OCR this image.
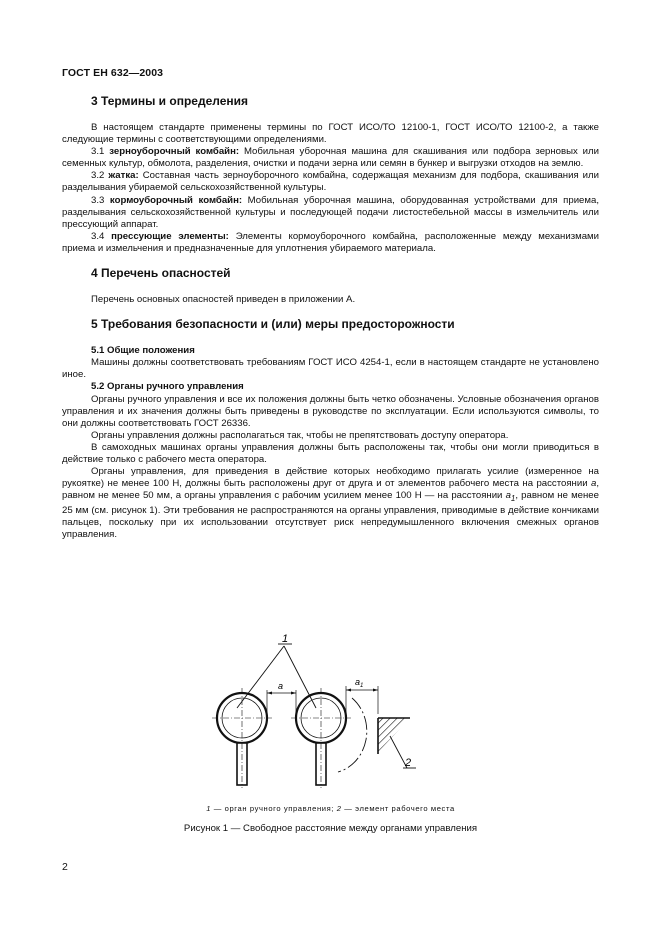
ГОСТ ЕН 632—2003
3 Термины и определения

В настоящем стандарте применены термины по ГОСТ ИСО/ТО 12100-1, ГОСТ ИСО/ТО 12100-2, а также следующие термины с соответствующими определениями.

3.1 зерноуборочный комбайн: Мобильная уборочная машина для скашивания или подбора зерновых или семенных культур, обмолота, разделения, очистки и подачи зерна или семян в бункер и выгрузки отходов на землю.

3.2 жатка: Составная часть зерноуборочного комбайна, содержащая механизм для подбора, скашивания или разделывания убираемой сельскохозяйственной культуры.

3.3 кормоуборочный комбайн: Мобильная уборочная машина, оборудованная устройствами для приема, разделывания сельскохозяйственной культуры и последующей подачи листостебельной массы в измельчитель или прессующий аппарат.

3.4 прессующие элементы: Элементы кормоуборочного комбайна, расположенные между механизмами приема и измельчения и предназначенные для уплотнения убираемого материала.

4 Перечень опасностей

Перечень основных опасностей приведен в приложении А.

5 Требования безопасности и (или) меры предосторожности
5.1 Общие положения

Машины должны соответствовать требованиям ГОСТ ИСО 4254-1, если в настоящем стандарте не установлено иное.

5.2 Органы ручного управления

Органы ручного управления и все их положения должны быть четко обозначены. Условные обозначения органов управления и их значения должны быть приведены в руководстве по эксплуатации. Если используются символы, то они должны соответствовать ГОСТ 26336.

Органы управления должны располагаться так, чтобы не препятствовать доступу оператора.

В самоходных машинах органы управления должны быть расположены так, чтобы они могли приводиться в действие только с рабочего места оператора.

Органы управления, для приведения в действие которых необходимо прилагать усилие (измеренное на рукоятке) не менее 100 Н, должны быть расположены друг от друга и от элементов рабочего места на расстоянии а, равном не менее 50 мм, а органы управления с рабочим усилием менее 100 Н — на расстоянии $а_1$, равном не менее 25 мм (см. рисунок 1). Эти требования не распространяются на органы управления, приводимые в действие кончиками пальцев, поскольку при их использовании отсутствует риск непредумышленного включения смежных органов управления.

1
a	$a_1$
2
1 — орган ручного управления; 2 — элемент рабочего места
Рисунок 1 — Свободное расстояние между органами управления
2
